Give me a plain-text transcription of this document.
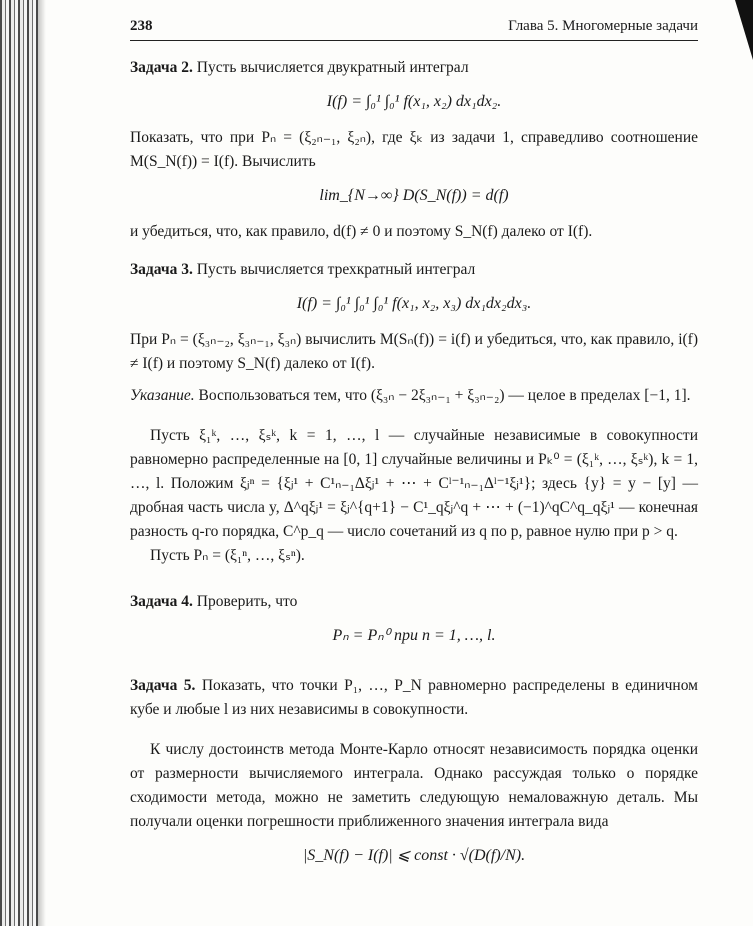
238	Глава 5. Многомерные задачи

Задача 2. Пусть вычисляется двукратный интеграл

I(f) = ∫₀¹ ∫₀¹ f(x₁, x₂) dx₁dx₂.

Показать, что при Pₙ = (ξ₂ₙ₋₁, ξ₂ₙ), где ξₖ из задачи 1, справедливо соотношение M(S_N(f)) = I(f). Вычислить

lim_{N→∞} D(S_N(f)) = d(f)

и убедиться, что, как правило, d(f) ≠ 0 и поэтому S_N(f) далеко от I(f).

Задача 3. Пусть вычисляется трехкратный интеграл

I(f) = ∫₀¹ ∫₀¹ ∫₀¹ f(x₁, x₂, x₃) dx₁dx₂dx₃.

При Pₙ = (ξ₃ₙ₋₂, ξ₃ₙ₋₁, ξ₃ₙ) вычислить M(Sₙ(f)) = i(f) и убедиться, что, как правило, i(f) ≠ I(f) и поэтому S_N(f) далеко от I(f).

Указание. Воспользоваться тем, что (ξ₃ₙ − 2ξ₃ₙ₋₁ + ξ₃ₙ₋₂) — целое в пределах [−1, 1].

Пусть ξ₁ᵏ, …, ξₛᵏ, k = 1, …, l — случайные независимые в совокупности равномерно распределенные на [0, 1] случайные величины и Pₖ⁰ = (ξ₁ᵏ, …, ξₛᵏ), k = 1, …, l. Положим ξⱼⁿ = {ξⱼ¹ + C¹ₙ₋₁Δξⱼ¹ + ⋯ + Cˡ⁻¹ₙ₋₁Δˡ⁻¹ξⱼ¹}; здесь {y} = y − [y] — дробная часть числа y, Δ^qξⱼ¹ = ξⱼ^{q+1} − C¹_qξⱼ^q + ⋯ + (−1)^qC^q_qξⱼ¹ — конечная разность q-го порядка, C^p_q — число сочетаний из q по p, равное нулю при p > q.

Пусть Pₙ = (ξ₁ⁿ, …, ξₛⁿ).

Задача 4. Проверить, что

Pₙ = Pₙ⁰ при n = 1, …, l.

Задача 5. Показать, что точки P₁, …, P_N равномерно распределены в единичном кубе и любые l из них независимы в совокупности.

К числу достоинств метода Монте-Карло относят независимость порядка оценки от размерности вычисляемого интеграла. Однако рассуждая только о порядке сходимости метода, можно не заметить следующую немаловажную деталь. Мы получали оценки погрешности приближенного значения интеграла вида

|S_N(f) − I(f)| ⩽ const · √(D(f)/N).
